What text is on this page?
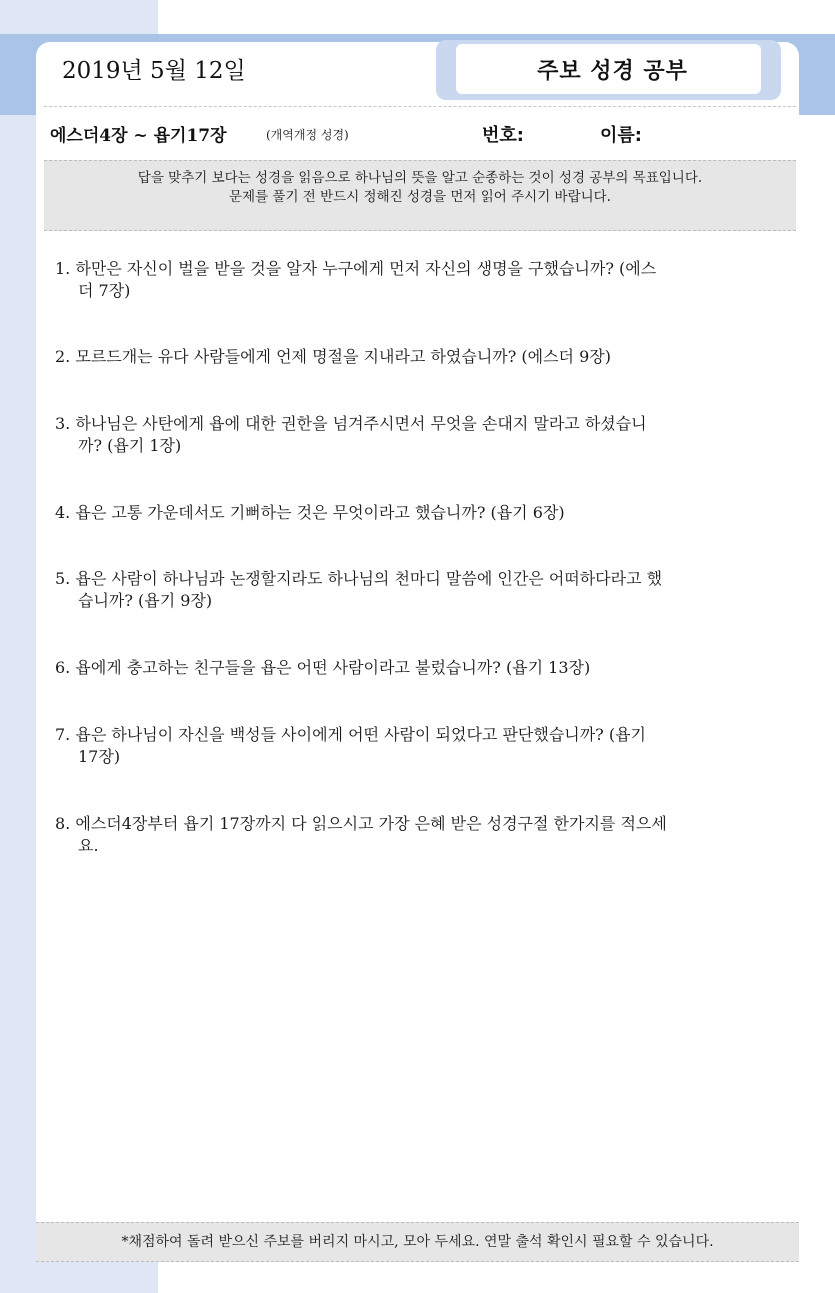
2019년 5월 12일	주보 성경 공부
에스더4장 ~ 욥기17장	(개역개정 성경)	번호:	이름:
답을 맞추기 보다는 성경을 읽음으로 하나님의 뜻을 알고 순종하는 것이 성경 공부의 목표입니다.
문제를 풀기 전 반드시 정해진 성경을 먼저 읽어 주시기 바랍니다.
1. 하만은 자신이 벌을 받을 것을 알자 누구에게 먼저 자신의 생명을 구했습니까? (에스
더 7장)
2. 모르드개는 유다 사람들에게 언제 명절을 지내라고 하였습니까? (에스더 9장)
3. 하나님은 사탄에게 욥에 대한 권한을 넘겨주시면서 무엇을 손대지 말라고 하셨습니
까? (욥기 1장)
4. 욥은 고통 가운데서도 기뻐하는 것은 무엇이라고 했습니까? (욥기 6장)
5. 욥은 사람이 하나님과 논쟁할지라도 하나님의 천마디 말씀에 인간은 어떠하다라고 했
습니까? (욥기 9장)
6. 욥에게 충고하는 친구들을 욥은 어떤 사람이라고 불렀습니까? (욥기 13장)
7. 욥은 하나님이 자신을 백성들 사이에게 어떤 사람이 되었다고 판단했습니까? (욥기
17장)
8. 에스더4장부터 욥기 17장까지 다 읽으시고 가장 은혜 받은 성경구절 한가지를 적으세
요.
*채점하여 돌려 받으신 주보를 버리지 마시고, 모아 두세요. 연말 출석 확인시 필요할 수 있습니다.
